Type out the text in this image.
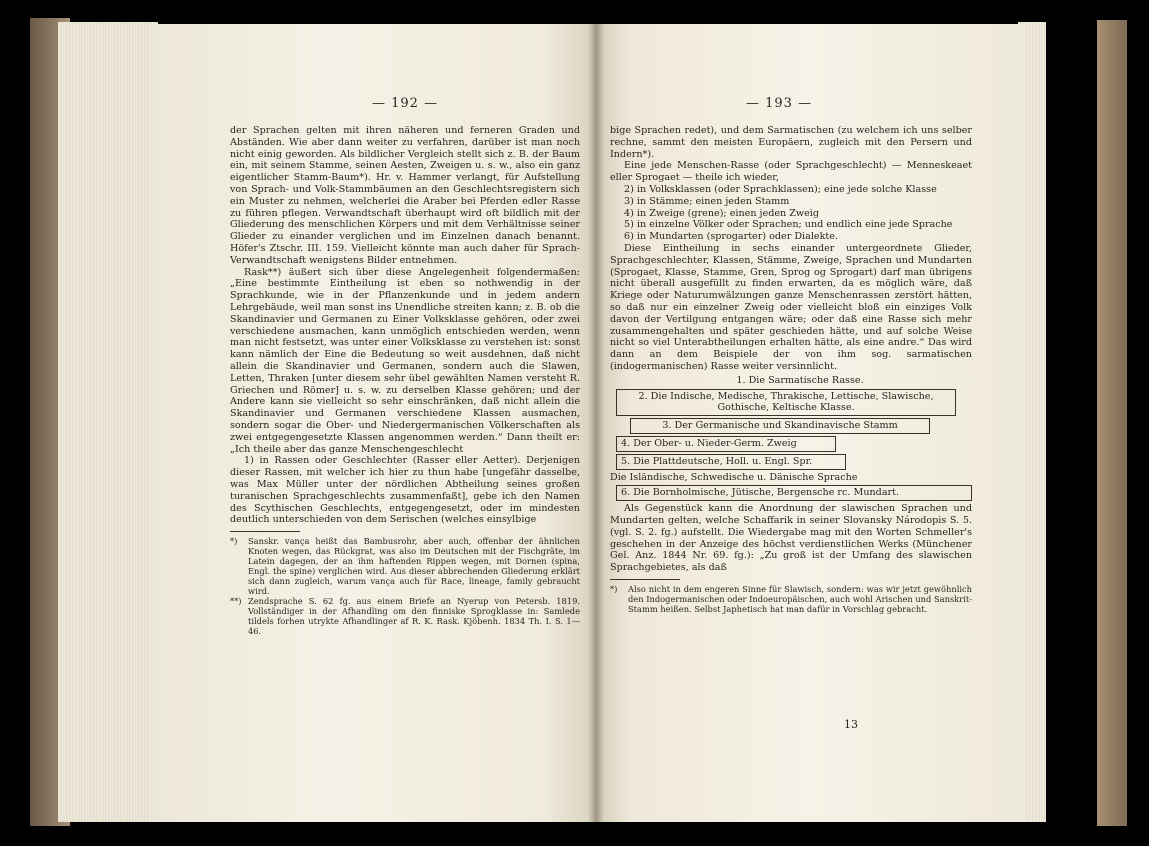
— 192 —

der Sprachen gelten mit ihren näheren und ferneren Graden und Abständen. Wie aber dann weiter zu verfahren, darüber ist man noch nicht einig geworden. Als bildlicher Vergleich stellt sich z. B. der Baum ein, mit seinem Stamme, seinen Aesten, Zweigen u. s. w., also ein ganz eigentlicher Stamm-Baum*). Hr. v. Hammer verlangt, für Aufstellung von Sprach- und Volk-Stammbäumen an den Geschlechtsregistern sich ein Muster zu nehmen, welcherlei die Araber bei Pferden edler Rasse zu führen pflegen. Verwandtschaft überhaupt wird oft bildlich mit der Gliederung des menschlichen Körpers und mit dem Verhältnisse seiner Glieder zu einander verglichen und im Einzelnen danach benannt. Höfer's Ztschr. III. 159. Vielleicht könnte man auch daher für Sprach-Verwandtschaft wenigstens Bilder entnehmen.

Rask**) äußert sich über diese Angelegenheit folgendermaßen: „Eine bestimmte Eintheilung ist eben so nothwendig in der Sprachkunde, wie in der Pflanzenkunde und in jedem andern Lehrgebäude, weil man sonst ins Unendliche streiten kann; z. B. ob die Skandinavier und Germanen zu Einer Volksklasse gehören, oder zwei verschiedene ausmachen, kann unmöglich entschieden werden, wenn man nicht festsetzt, was unter einer Volksklasse zu verstehen ist: sonst kann nämlich der Eine die Bedeutung so weit ausdehnen, daß nicht allein die Skandinavier und Germanen, sondern auch die Slawen, Letten, Thraken [unter diesem sehr übel gewählten Namen versteht R. Griechen und Römer] u. s. w. zu derselben Klasse gehören; und der Andere kann sie vielleicht so sehr einschränken, daß nicht allein die Skandinavier und Germanen verschiedene Klassen ausmachen, sondern sogar die Ober- und Niedergermanischen Völkerschaften als zwei entgegengesetzte Klassen angenommen werden.“ Dann theilt er: „Ich theile aber das ganze Menschengeschlecht

1) in Rassen oder Geschlechter (Rasser eller Aetter). Derjenigen dieser Rassen, mit welcher ich hier zu thun habe [ungefähr dasselbe, was Max Müller unter der nördlichen Abtheilung seines großen turanischen Sprachgeschlechts zusammenfaßt], gebe ich den Namen des Scythischen Geschlechts, entgegengesetzt, oder im mindesten deutlich unterschieden von dem Serischen (welches einsylbige

*) Sanskr. vança heißt das Bambusrohr, aber auch, offenbar der ähnlichen Knoten wegen, das Rückgrat, was also im Deutschen mit der Fischgräte, im Latein dagegen, der an ihm haftenden Rippen wegen, mit Dornen (spina, Engl. the spine) verglichen wird. Aus dieser abbrechenden Gliederung erklärt sich dann zugleich, warum vança auch für Race, lineage, family gebraucht wird.

**) Zendsprache S. 62 fg. aus einem Briefe an Nyerup von Petersb. 1819. Vollständiger in der Afhandling om den finniske Sprogklasse in: Samlede tildels forhen utrykte Afhandlinger af R. K. Rask. Kjöbenh. 1834 Th. I. S. 1—46.

— 193 —

bige Sprachen redet), und dem Sarmatischen (zu welchem ich uns selber rechne, sammt den meisten Europäern, zugleich mit den Persern und Indern*).

Eine jede Menschen-Rasse (oder Sprachgeschlecht) — Menneskeaet eller Sprogaet — theile ich wieder,

2) in Volksklassen (oder Sprachklassen); eine jede solche Klasse

3) in Stämme; einen jeden Stamm

4) in Zweige (grene); einen jeden Zweig

5) in einzelne Völker oder Sprachen; und endlich eine jede Sprache

6) in Mundarten (sprogarter) oder Dialekte.

Diese Eintheilung in sechs einander untergeordnete Glieder, Sprachgeschlechter, Klassen, Stämme, Zweige, Sprachen und Mundarten (Sprogaet, Klasse, Stamme, Gren, Sprog og Sprogart) darf man übrigens nicht überall ausgefüllt zu finden erwarten, da es möglich wäre, daß Kriege oder Naturumwälzungen ganze Menschenrassen zerstört hätten, so daß nur ein einzelner Zweig oder vielleicht bloß ein einziges Volk davon der Vertilgung entgangen wäre; oder daß eine Rasse sich mehr zusammengehalten und später geschieden hätte, und auf solche Weise nicht so viel Unterabtheilungen erhalten hätte, als eine andre.“ Das wird dann an dem Beispiele der von ihm sog. sarmatischen (indogermanischen) Rasse weiter versinnlicht.

1. Die Sarmatische Rasse.
2. Die Indische, Medische, Thrakische, Lettische, Slawische,
Gothische, Keltische Klasse.
3. Der Germanische und Skandinavische Stamm
4. Der Ober- u. Nieder-Germ. Zweig
5. Die Plattdeutsche, Holl. u. Engl. Spr.
Die Isländische, Schwedische u. Dänische Sprache
6. Die Bornholmische, Jütische, Bergensche rc. Mundart.

Als Gegenstück kann die Anordnung der slawischen Sprachen und Mundarten gelten, welche Schaffarik in seiner Slovansky Národopis S. 5. (vgl. S. 2. fg.) aufstellt. Die Wiedergabe mag mit den Worten Schmeller's geschehen in der Anzeige des höchst verdienstlichen Werks (Münchener Gel. Anz. 1844 Nr. 69. fg.): „Zu groß ist der Umfang des slawischen Sprachgebietes, als daß

*) Also nicht in dem engeren Sinne für Slawisch, sondern: was wir jetzt gewöhnlich den Indogermanischen oder Indoeuropäischen, auch wohl Arischen und Sanskrit-Stamm heißen. Selbst Japhetisch hat man dafür in Vorschlag gebracht.

13
